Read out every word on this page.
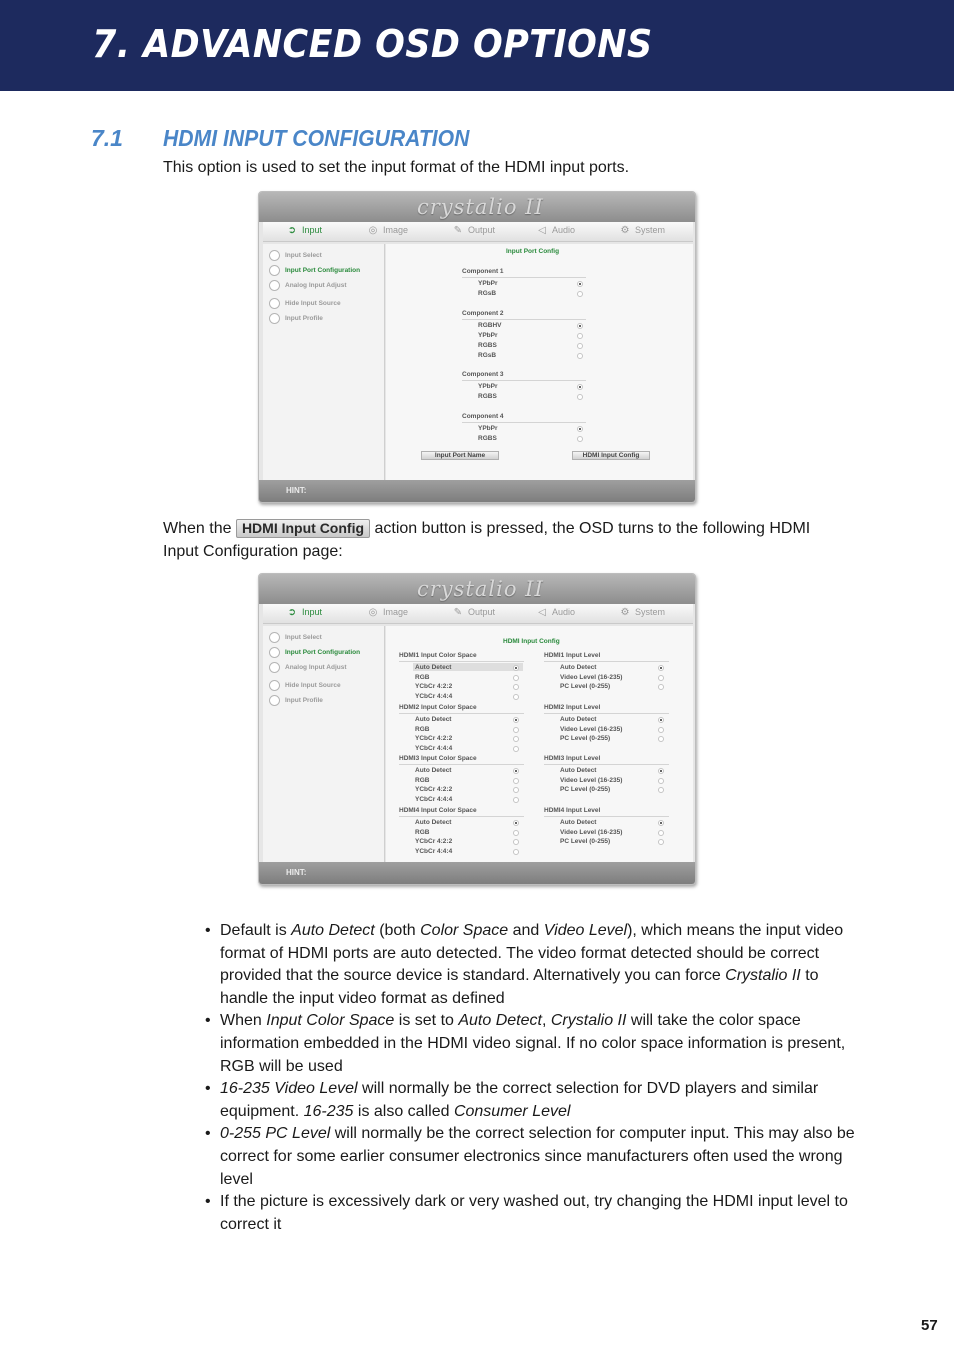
7. ADVANCED OSD OPTIONS
7.1 HDMI INPUT CONFIGURATION
This option is used to set the input format of the HDMI input ports.
crystalio II
➲ Input	◎ Image	✎ Output	◁ Audio	⚙ System
Input Select
Input Port Configuration
Analog Input Adjust
Hide Input Source
Input Profile
Input Port Config
Component 1
YPbPr
RGsB
Component 2
RGBHV
YPbPr
RGBS
RGsB
Component 3
YPbPr
RGBS
Component 4
YPbPr
RGBS
Input Port Name	HDMI Input Config
HINT:
When the HDMI Input Config action button is pressed, the OSD turns to the following HDMI Input Configuration page:
crystalio II
➲ Input	◎ Image	✎ Output	◁ Audio	⚙ System
Input Select
Input Port Configuration
Analog Input Adjust
Hide Input Source
Input Profile
HDMI Input Config
HDMI1 Input Color Space
Auto Detect
RGB
YCbCr 4:2:2
YCbCr 4:4:4
HDMI2 Input Color Space
Auto Detect
RGB
YCbCr 4:2:2
YCbCr 4:4:4
HDMI3 Input Color Space
Auto Detect
RGB
YCbCr 4:2:2
YCbCr 4:4:4
HDMI4 Input Color Space
Auto Detect
RGB
YCbCr 4:2:2
YCbCr 4:4:4
HDMI1 Input Level
Auto Detect
Video Level (16-235)
PC Level (0-255)
HDMI2 Input Level
Auto Detect
Video Level (16-235)
PC Level (0-255)
HDMI3 Input Level
Auto Detect
Video Level (16-235)
PC Level (0-255)
HDMI4 Input Level
Auto Detect
Video Level (16-235)
PC Level (0-255)
HINT:
• Default is Auto Detect (both Color Space and Video Level), which means the input video format of HDMI ports are auto detected. The video format detected should be correct provided that the source device is standard. Alternatively you can force Crystalio II to handle the input video format as defined
• When Input Color Space is set to Auto Detect, Crystalio II will take the color space information embedded in the HDMI video signal. If no color space information is present, RGB will be used
• 16-235 Video Level will normally be the correct selection for DVD players and similar equipment. 16-235 is also called Consumer Level
• 0-255 PC Level will normally be the correct selection for computer input. This may also be correct for some earlier consumer electronics since manufacturers often used the wrong level
• If the picture is excessively dark or very washed out, try changing the HDMI input level to correct it
57
